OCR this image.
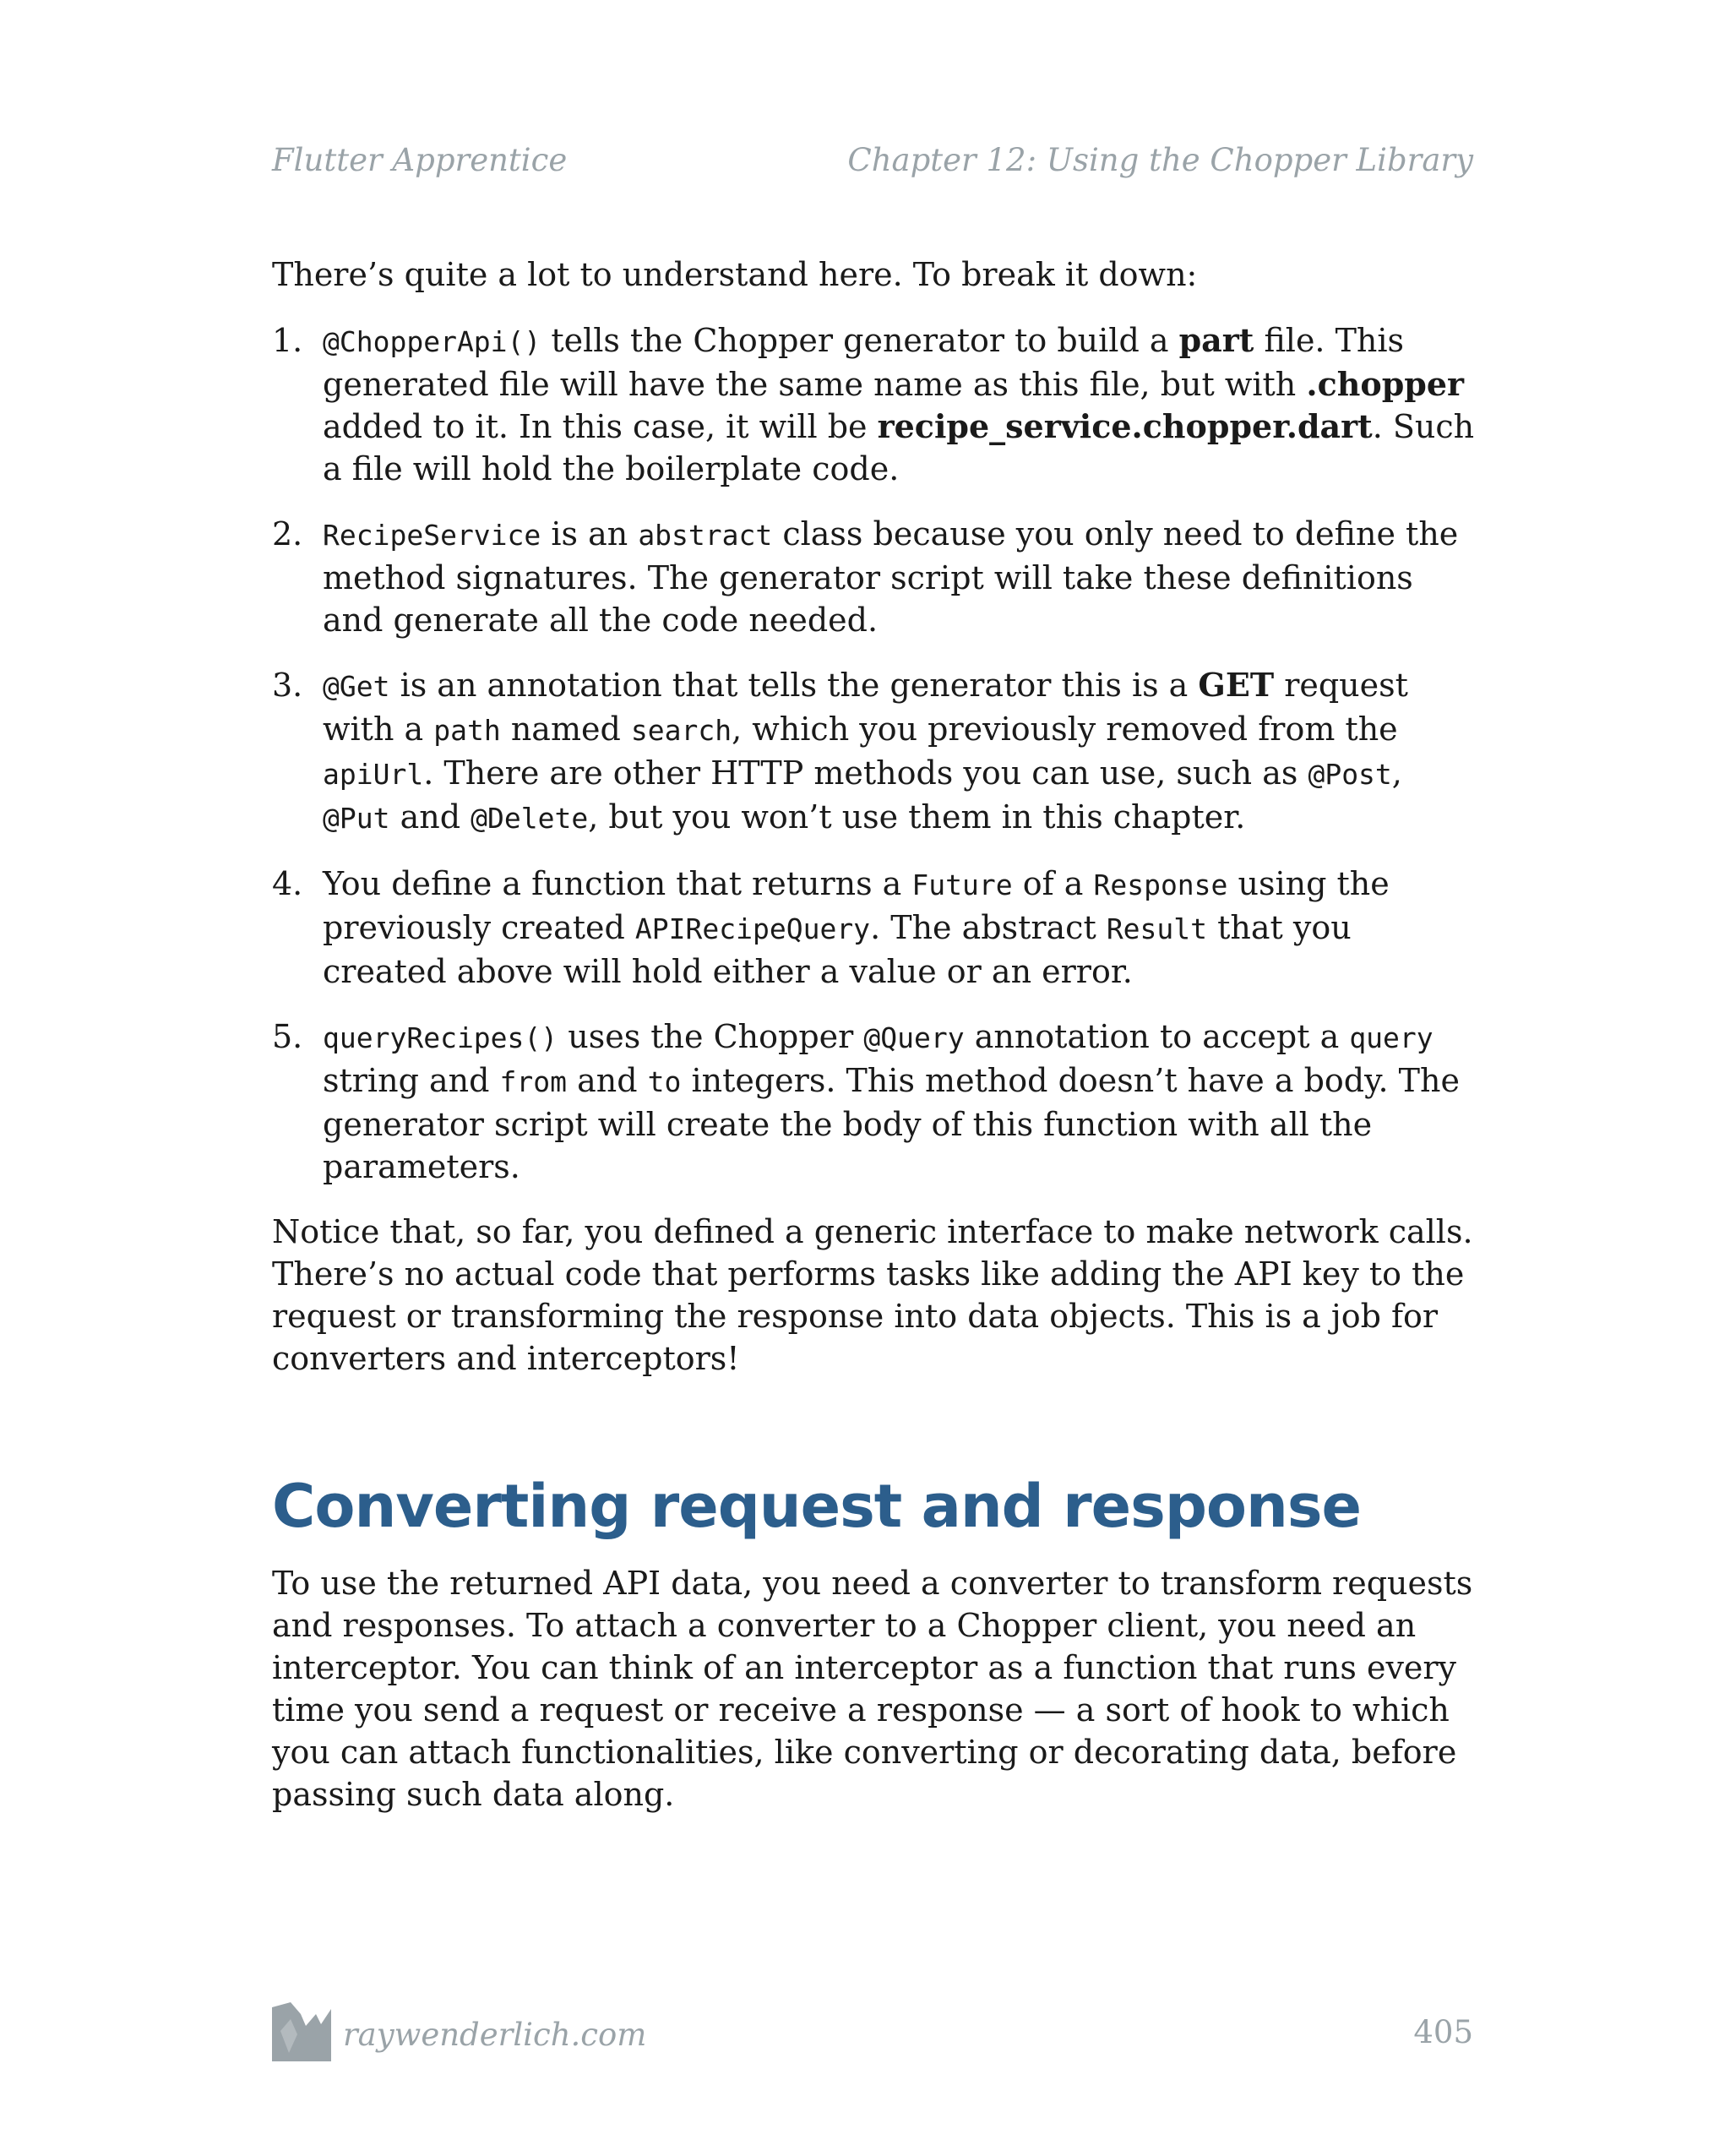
Flutter Apprentice	Chapter 12: Using the Chopper Library

There’s quite a lot to understand here. To break it down:

1. @ChopperApi() tells the Chopper generator to build a part file. This generated file will have the same name as this file, but with .chopper added to it. In this case, it will be recipe_service.chopper.dart. Such a file will hold the boilerplate code.
2. RecipeService is an abstract class because you only need to define the method signatures. The generator script will take these definitions and generate all the code needed.
3. @Get is an annotation that tells the generator this is a GET request with a path named search, which you previously removed from the apiUrl. There are other HTTP methods you can use, such as @Post, @Put and @Delete, but you won’t use them in this chapter.
4. You define a function that returns a Future of a Response using the previously created APIRecipeQuery. The abstract Result that you created above will hold either a value or an error.
5. queryRecipes() uses the Chopper @Query annotation to accept a query string and from and to integers. This method doesn’t have a body. The generator script will create the body of this function with all the parameters.

Notice that, so far, you defined a generic interface to make network calls. There’s no actual code that performs tasks like adding the API key to the request or transforming the response into data objects. This is a job for converters and interceptors!

Converting request and response

To use the returned API data, you need a converter to transform requests and responses. To attach a converter to a Chopper client, you need an interceptor. You can think of an interceptor as a function that runs every time you send a request or receive a response — a sort of hook to which you can attach functionalities, like converting or decorating data, before passing such data along.

raywenderlich.com	405
